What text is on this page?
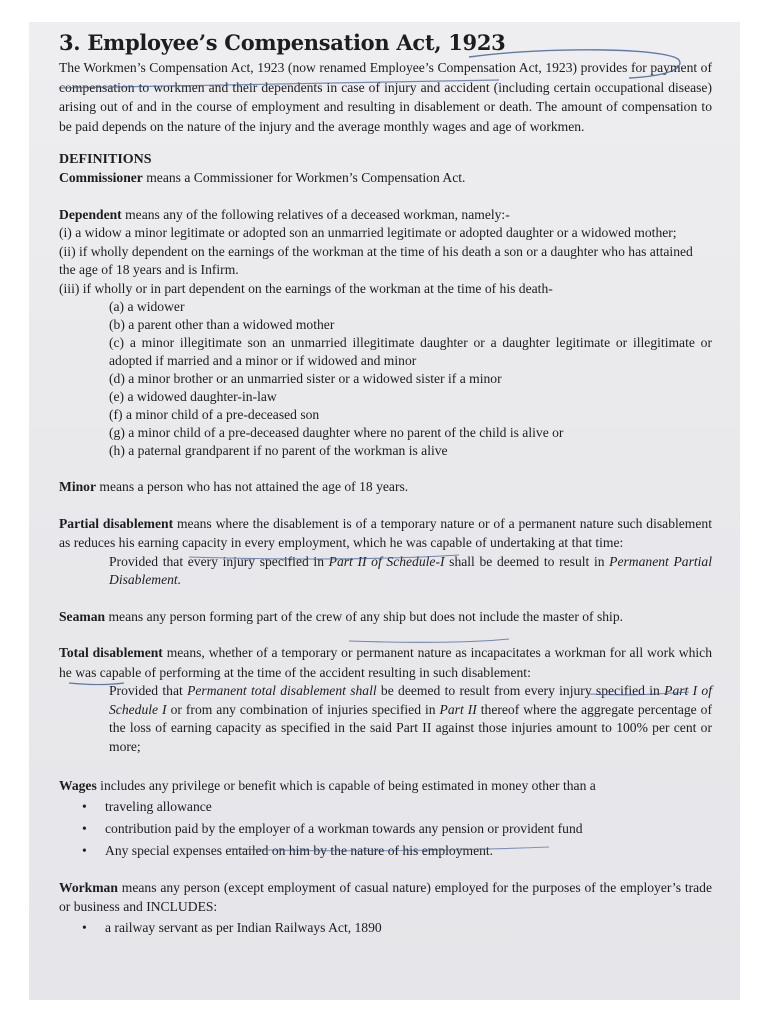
3. Employee’s Compensation Act, 1923

The Workmen’s Compensation Act, 1923 (now renamed Employee’s Compensation Act, 1923) provides for payment of compensation to workmen and their dependents in case of injury and accident (including certain occupational disease) arising out of and in the course of employment and resulting in disablement or death. The amount of compensation to be paid depends on the nature of the injury and the average monthly wages and age of workmen.

DEFINITIONS

Commissioner means a Commissioner for Workmen’s Compensation Act.

Dependent means any of the following relatives of a deceased workman, namely:-

(i) a widow a minor legitimate or adopted son an unmarried legitimate or adopted daughter or a widowed mother;

(ii) if wholly dependent on the earnings of the workman at the time of his death a son or a daughter who has attained the age of 18 years and is Infirm.

(iii) if wholly or in part dependent on the earnings of the workman at the time of his death-

(a) a widower
(b) a parent other than a widowed mother
(c) a minor illegitimate son an unmarried illegitimate daughter or a daughter legitimate or illegitimate or adopted if married and a minor or if widowed and minor
(d) a minor brother or an unmarried sister or a widowed sister if a minor
(e) a widowed daughter-in-law
(f) a minor child of a pre-deceased son
(g) a minor child of a pre-deceased daughter where no parent of the child is alive or
(h) a paternal grandparent if no parent of the workman is alive

Minor means a person who has not attained the age of 18 years.

Partial disablement means where the disablement is of a temporary nature or of a permanent nature such disablement as reduces his earning capacity in every employment, which he was capable of undertaking at that time:

Provided that every injury specified in Part II of Schedule-I shall be deemed to result in Permanent Partial Disablement.

Seaman means any person forming part of the crew of any ship but does not include the master of ship.

Total disablement means, whether of a temporary or permanent nature as incapacitates a workman for all work which he was capable of performing at the time of the accident resulting in such disablement:

Provided that Permanent total disablement shall be deemed to result from every injury specified in Part I of Schedule I or from any combination of injuries specified in Part II thereof where the aggregate percentage of the loss of earning capacity as specified in the said Part II against those injuries amount to 100% per cent or more;

Wages includes any privilege or benefit which is capable of being estimated in money other than a

• traveling allowance
• contribution paid by the employer of a workman towards any pension or provident fund
• Any special expenses entailed on him by the nature of his employment.

Workman means any person (except employment of casual nature) employed for the purposes of the employer’s trade or business and INCLUDES:

• a railway servant as per Indian Railways Act, 1890
